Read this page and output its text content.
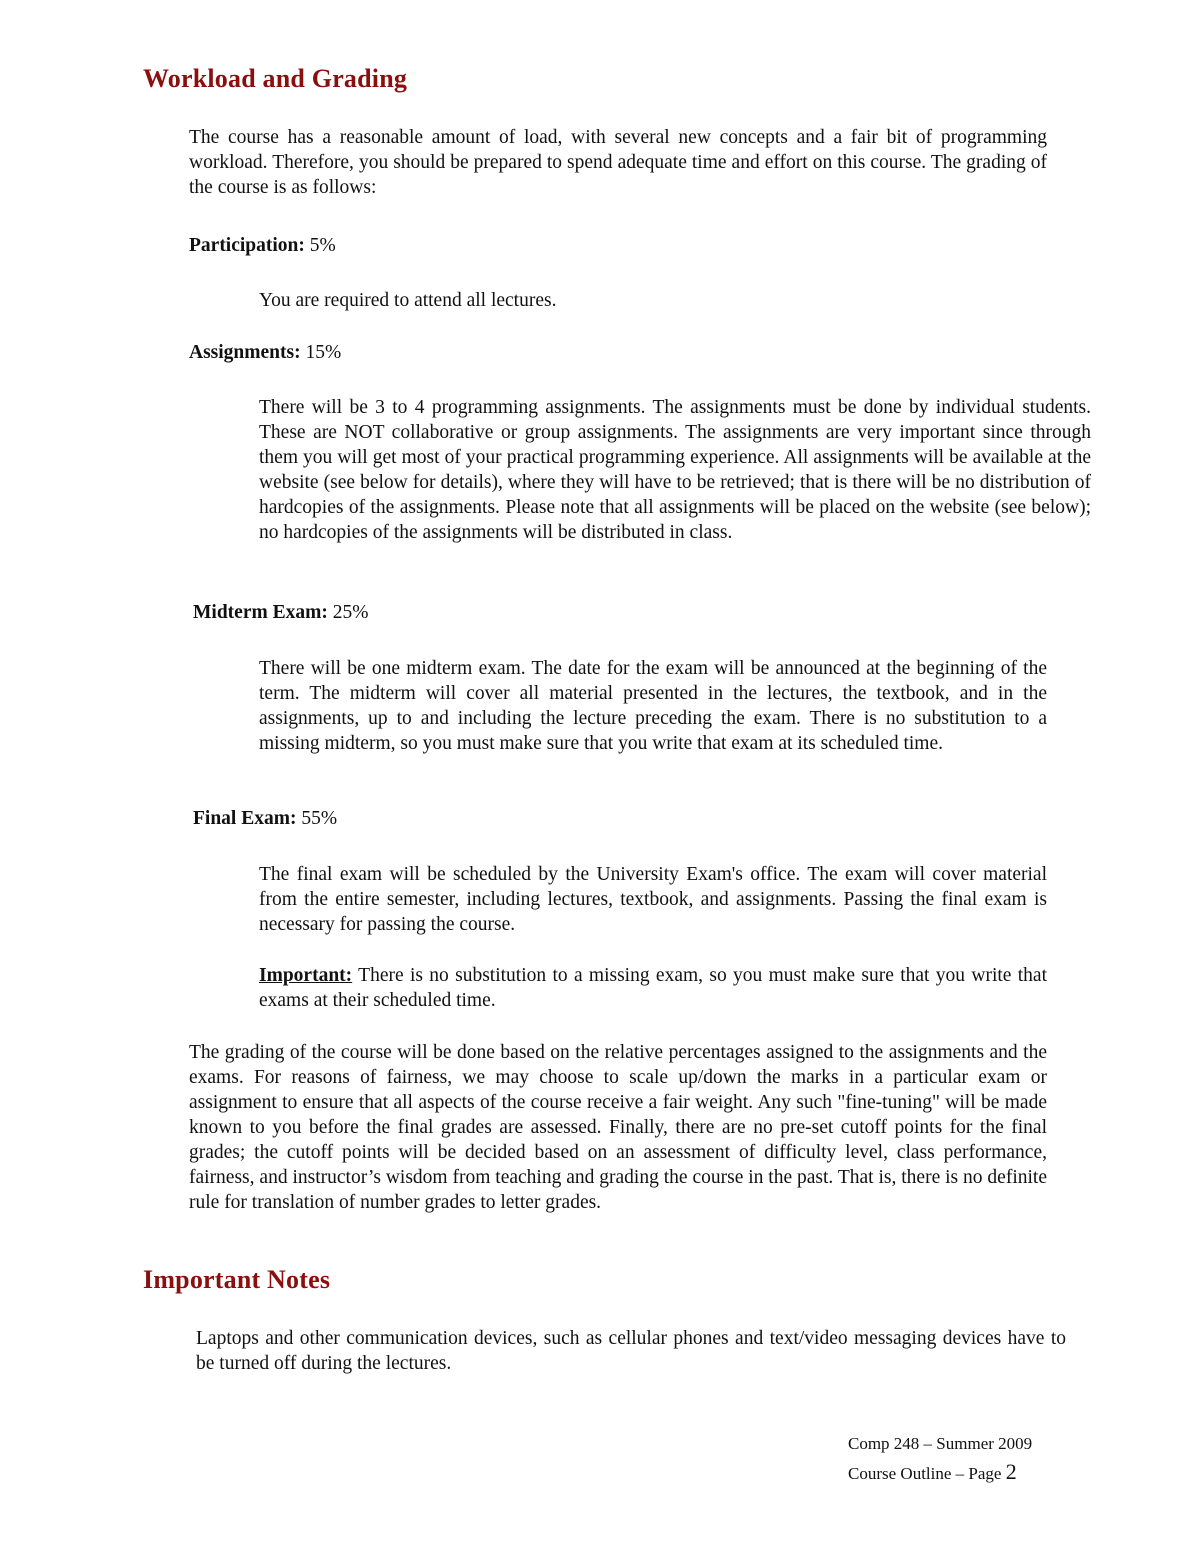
Workload and Grading

The course has a reasonable amount of load, with several new concepts and a fair bit of programming workload. Therefore, you should be prepared to spend adequate time and effort on this course. The grading of the course is as follows:

Participation: 5%

You are required to attend all lectures.

Assignments: 15%

There will be 3 to 4 programming assignments. The assignments must be done by individual students. These are NOT collaborative or group assignments. The assignments are very important since through them you will get most of your practical programming experience. All assignments will be available at the website (see below for details), where they will have to be retrieved; that is there will be no distribution of hardcopies of the assignments. Please note that all assignments will be placed on the website (see below); no hardcopies of the assignments will be distributed in class.

Midterm Exam: 25%

There will be one midterm exam. The date for the exam will be announced at the beginning of the term. The midterm will cover all material presented in the lectures, the textbook, and in the assignments, up to and including the lecture preceding the exam. There is no substitution to a missing midterm, so you must make sure that you write that exam at its scheduled time.

Final Exam: 55%

The final exam will be scheduled by the University Exam's office. The exam will cover material from the entire semester, including lectures, textbook, and assignments. Passing the final exam is necessary for passing the course.

Important: There is no substitution to a missing exam, so you must make sure that you write that exams at their scheduled time.

The grading of the course will be done based on the relative percentages assigned to the assignments and the exams. For reasons of fairness, we may choose to scale up/down the marks in a particular exam or assignment to ensure that all aspects of the course receive a fair weight. Any such "fine-tuning" will be made known to you before the final grades are assessed. Finally, there are no pre-set cutoff points for the final grades; the cutoff points will be decided based on an assessment of difficulty level, class performance, fairness, and instructor’s wisdom from teaching and grading the course in the past. That is, there is no definite rule for translation of number grades to letter grades.

Important Notes

Laptops and other communication devices, such as cellular phones and text/video messaging devices have to be turned off during the lectures.

Comp 248 – Summer 2009
Course Outline – Page 2
